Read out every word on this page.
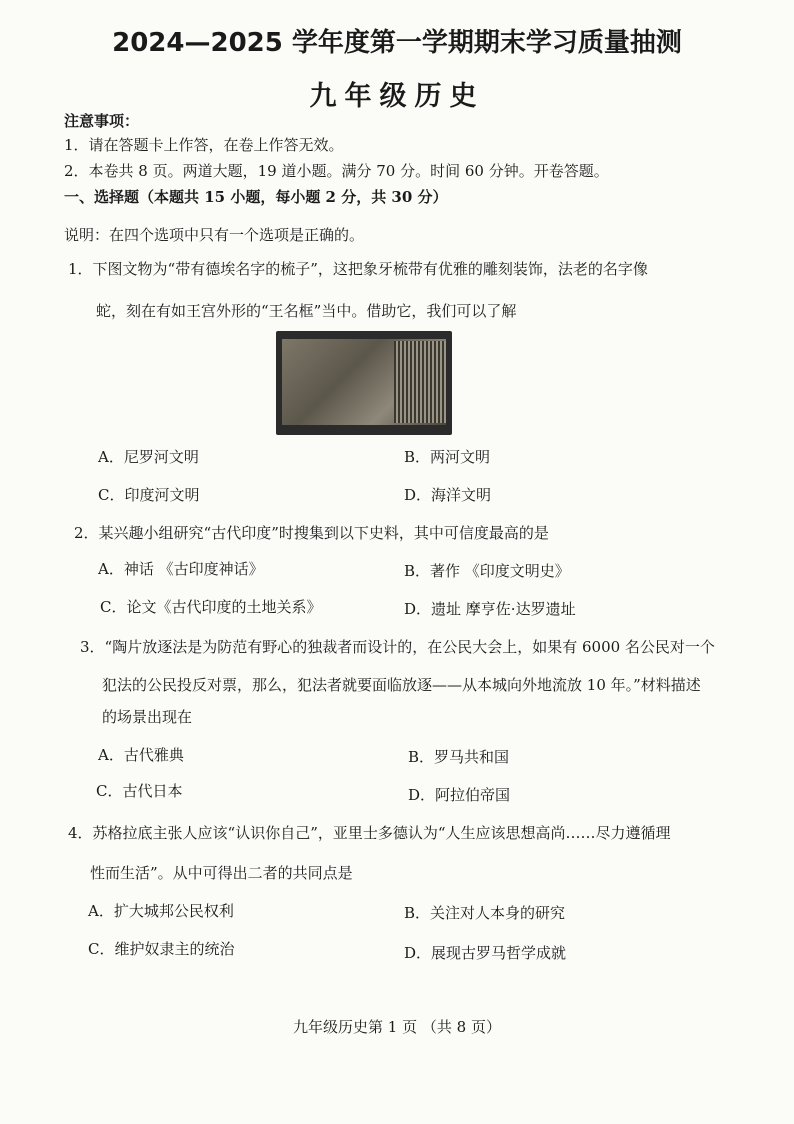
2024—2025 学年度第一学期期末学习质量抽测
九年级历史
注意事项：
1．请在答题卡上作答，在卷上作答无效。
2．本卷共 8 页。两道大题，19 道小题。满分 70 分。时间 60 分钟。开卷答题。
一、选择题（本题共 15 小题，每小题 2 分，共 30 分）
说明：在四个选项中只有一个选项是正确的。
1．下图文物为“带有德埃名字的梳子”，这把象牙梳带有优雅的雕刻装饰，法老的名字像
蛇，刻在有如王宫外形的“王名框”当中。借助它，我们可以了解
A．尼罗河文明	B．两河文明
C．印度河文明	D．海洋文明
2．某兴趣小组研究“古代印度”时搜集到以下史料，其中可信度最高的是
A．神话 《古印度神话》	B．著作 《印度文明史》
C．论文《古代印度的土地关系》	D．遗址 摩亨佐·达罗遗址
3．“陶片放逐法是为防范有野心的独裁者而设计的，在公民大会上，如果有 6000 名公民对一个
犯法的公民投反对票，那么，犯法者就要面临放逐——从本城向外地流放 10 年。”材料描述
的场景出现在
A．古代雅典	B．罗马共和国
C．古代日本	D．阿拉伯帝国
4．苏格拉底主张人应该“认识你自己”，亚里士多德认为“人生应该思想高尚……尽力遵循理
性而生活”。从中可得出二者的共同点是
A．扩大城邦公民权利	B．关注对人本身的研究
C．维护奴隶主的统治	D．展现古罗马哲学成就
九年级历史第 1 页 （共 8 页）
